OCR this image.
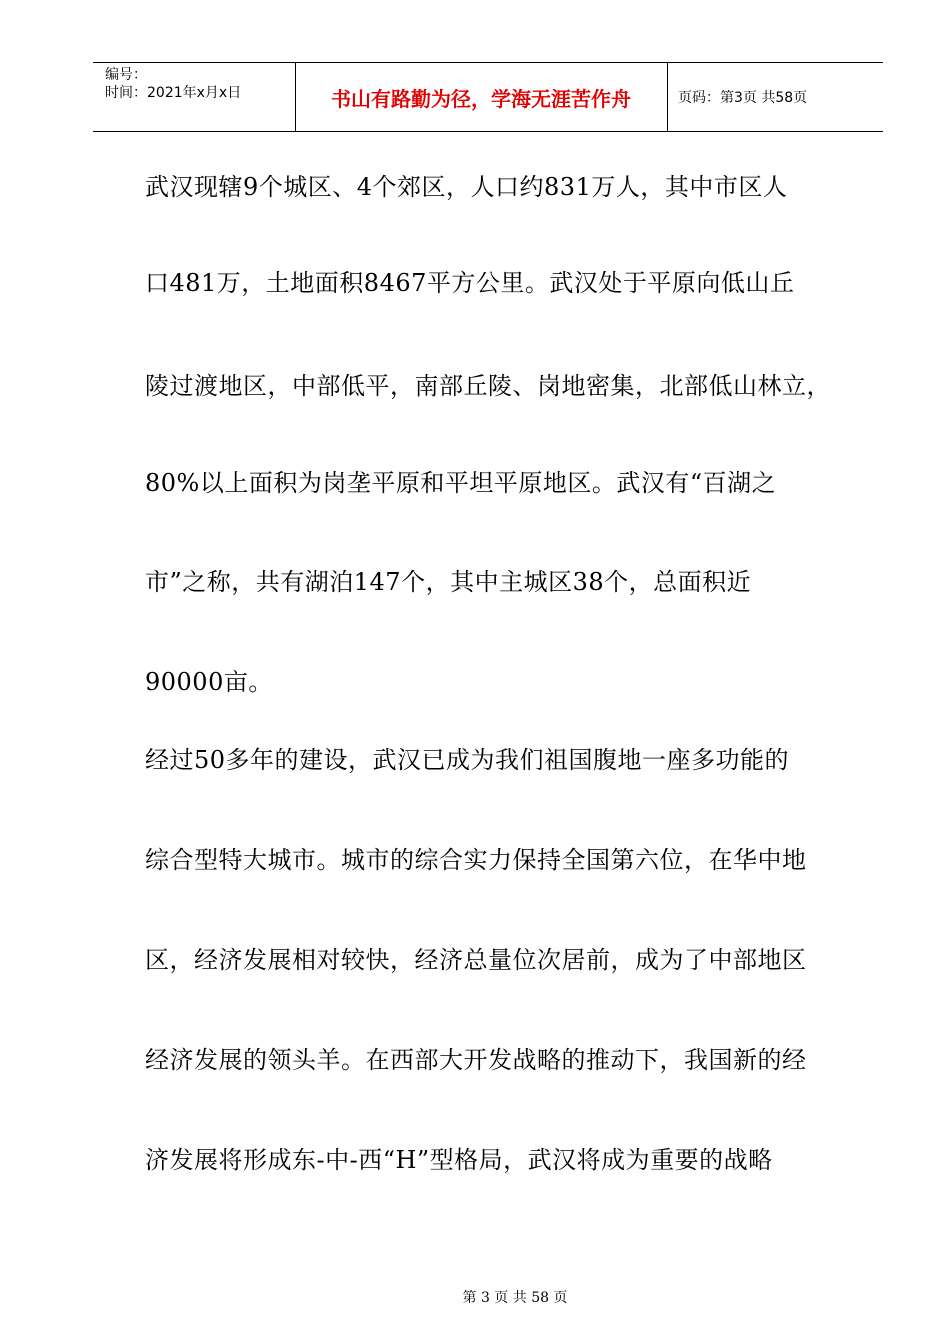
编号：
时间：2021年x月x日	书山有路勤为径，学海无涯苦作舟	页码：第3页 共58页
武汉现辖9个城区、4个郊区，人口约831万人，其中市区人
口481万，土地面积8467平方公里。武汉处于平原向低山丘
陵过渡地区，中部低平，南部丘陵、岗地密集，北部低山林立，
80%以上面积为岗垄平原和平坦平原地区。武汉有“百湖之
市”之称，共有湖泊147个，其中主城区38个，总面积近
90000亩。
经过50多年的建设，武汉已成为我们祖国腹地一座多功能的
综合型特大城市。城市的综合实力保持全国第六位，在华中地
区，经济发展相对较快，经济总量位次居前，成为了中部地区
经济发展的领头羊。在西部大开发战略的推动下，我国新的经
济发展将形成东-中-西“H”型格局，武汉将成为重要的战略
第 3 页 共 58 页
